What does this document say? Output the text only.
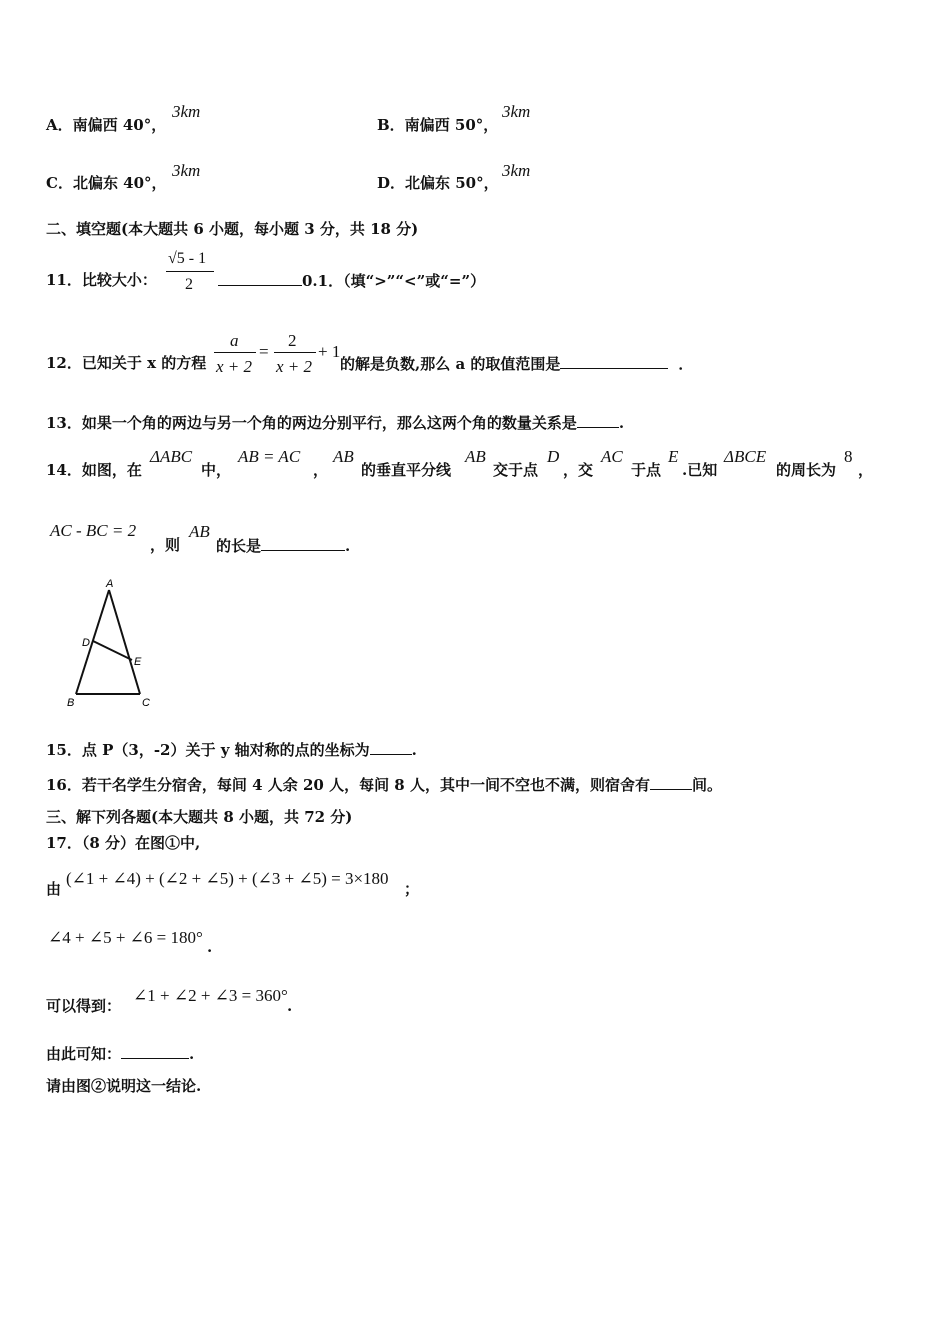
A．南偏西 40°，
3km
B．南偏西 50°，
3km
C．北偏东 40°，
3km
D．北偏东 50°，
3km
二、填空题(本大题共 6 小题，每小题 3 分，共 18 分)
11．比较大小：
√5 - 1
2	0.1．（填“>”“<”或“=”）
12．已知关于 x 的方程
a
x + 2
=
2
x + 2
+ 1
的解是负数,那么 a 的取值范围是	．
13．如果一个角的两边与另一个角的两边分别平行，那么这两个角的数量关系是	.
14．如图，在
ΔABC
中，
AB = AC
，
AB
的垂直平分线
AB
交于点
D
，交
AC
于点
E
.已知
ΔBCE
的周长为
8
，
AC - BC = 2
，则
AB
的长是	.
A
D
E
B	C
15．点 P（3，-2）关于 y 轴对称的点的坐标为	.
16．若干名学生分宿舍，每间 4 人余 20 人，每间 8 人，其中一间不空也不满，则宿舍有	间。
三、解下列各题(本大题共 8 小题，共 72 分)
17．（8 分）在图①中,
由
(∠1 + ∠4) + (∠2 + ∠5) + (∠3 + ∠5) = 3×180
；
∠4 + ∠5 + ∠6 = 180° .
可以得到：
∠1 + ∠2 + ∠3 = 360°
.
由此可知：	.
请由图②说明这一结论.
